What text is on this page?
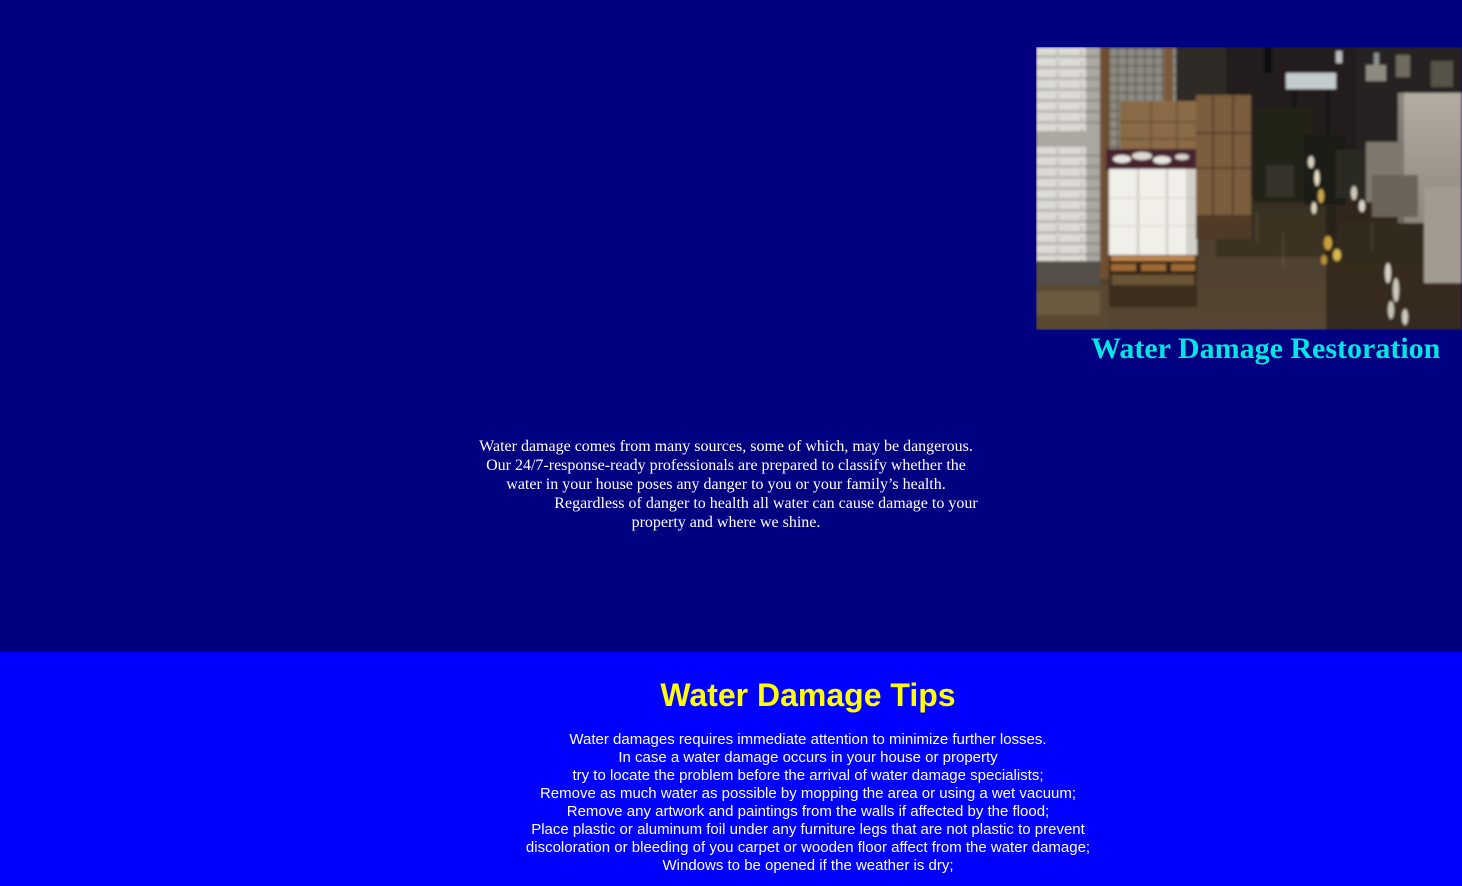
Water Damage Restoration
Water damage comes from many sources, some of which, may be dangerous.
Our 24/7-response-ready professionals are prepared to classify whether the
water in your house poses any danger to you or your family’s health.
Regardless of danger to health all water can cause damage to your
property and where we shine.
Water Damage Tips
Water damages requires immediate attention to minimize further losses.
In case a water damage occurs in your house or property
try to locate the problem before the arrival of water damage specialists;
Remove as much water as possible by mopping the area or using a wet vacuum;
Remove any artwork and paintings from the walls if affected by the flood;
Place plastic or aluminum foil under any furniture legs that are not plastic to prevent
discoloration or bleeding of you carpet or wooden floor affect from the water damage;
Windows to be opened if the weather is dry;
